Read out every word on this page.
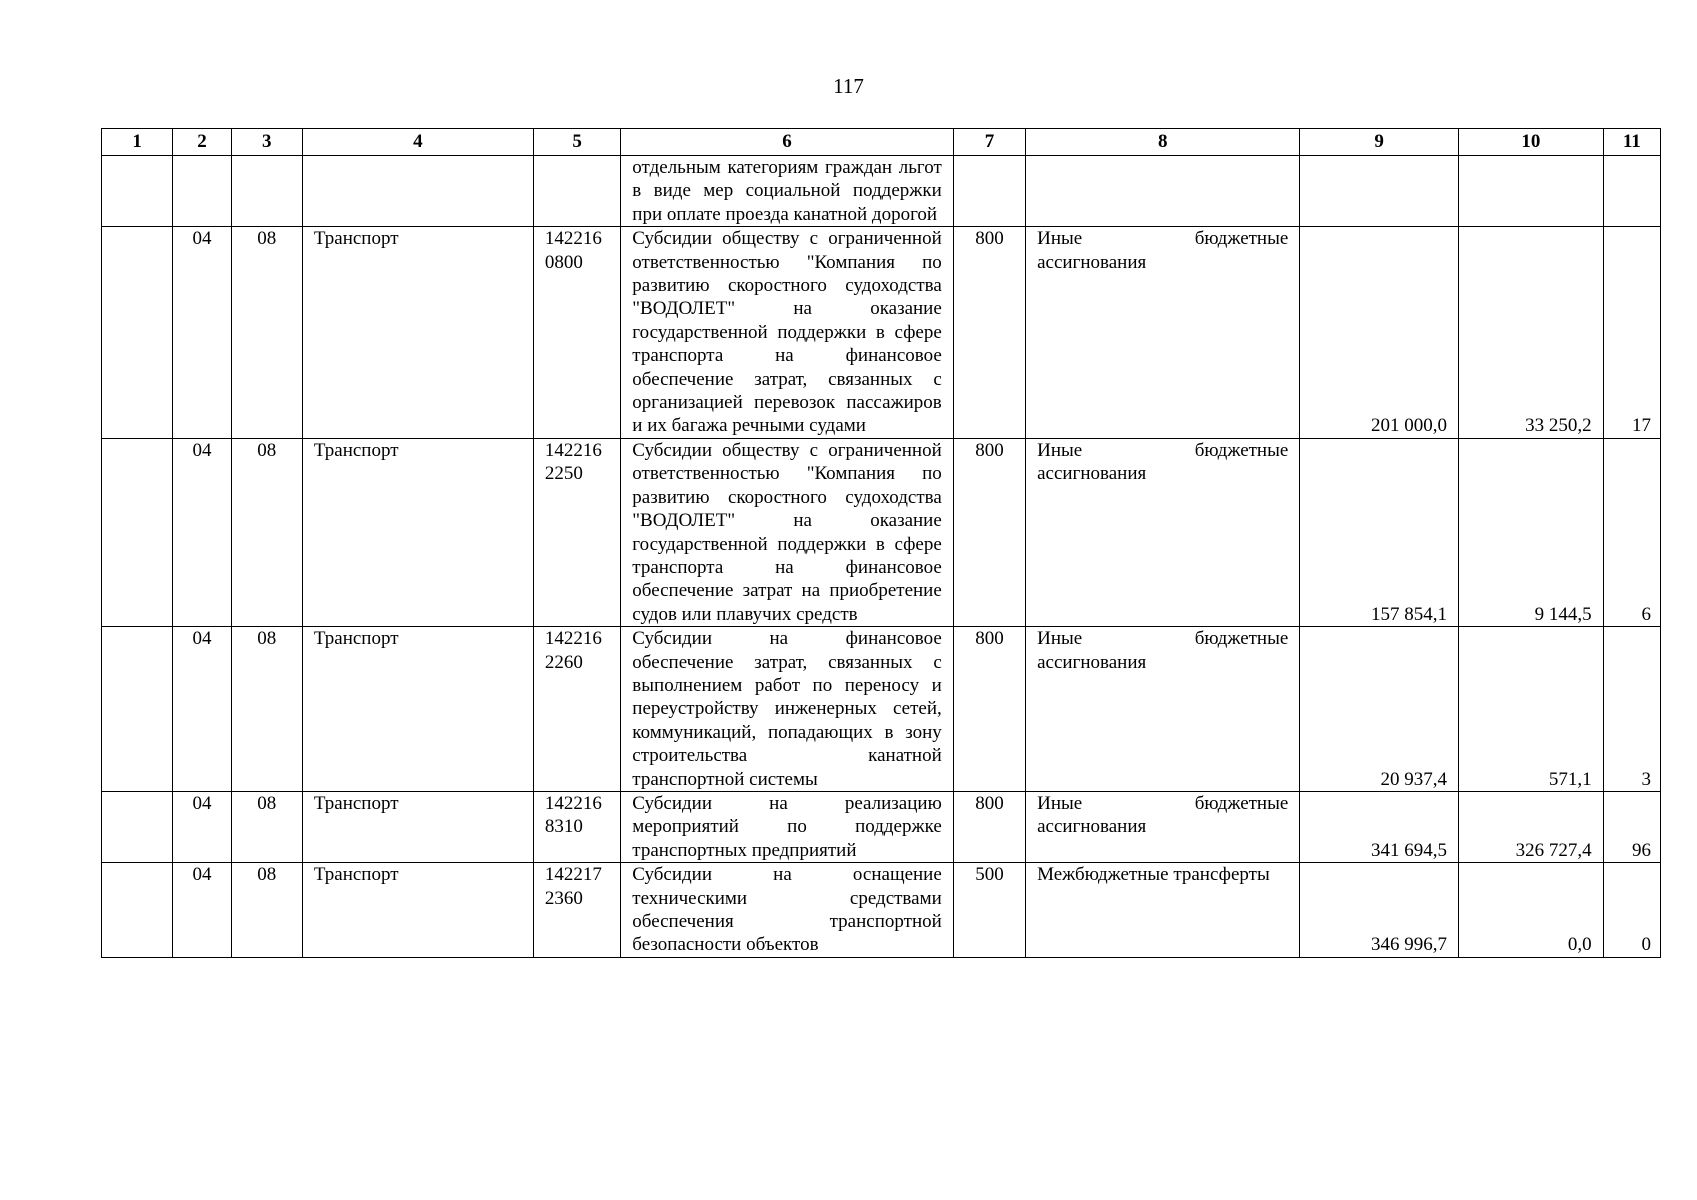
117
1	2	3	4	5	6	7	8	9	10	11
					отдельным категориям граждан льгот в виде мер социальной поддержки при оплате проезда канатной дорогой					
	04	08	Транспорт	142216 0800	Субсидии обществу с ограниченной ответственностью "Компания по развитию скоростного судоходства "ВОДОЛЕТ" на оказание государственной поддержки в сфере транспорта на финансовое обеспечение затрат, связанных с организацией перевозок пассажиров и их багажа речными судами	800	Иные бюджетные ассигнования	201 000,0	33 250,2	17
	04	08	Транспорт	142216 2250	Субсидии обществу с ограниченной ответственностью "Компания по развитию скоростного судоходства "ВОДОЛЕТ" на оказание государственной поддержки в сфере транспорта на финансовое обеспечение затрат на приобретение судов или плавучих средств	800	Иные бюджетные ассигнования	157 854,1	9 144,5	6
	04	08	Транспорт	142216 2260	Субсидии на финансовое обеспечение затрат, связанных с выполнением работ по переносу и переустройству инженерных сетей, коммуникаций, попадающих в зону строительства канатной транспортной системы	800	Иные бюджетные ассигнования	20 937,4	571,1	3
	04	08	Транспорт	142216 8310	Субсидии на реализацию мероприятий по поддержке транспортных предприятий	800	Иные бюджетные ассигнования	341 694,5	326 727,4	96
	04	08	Транспорт	142217 2360	Субсидии на оснащение техническими средствами обеспечения транспортной безопасности объектов	500	Межбюджетные трансферты	346 996,7	0,0	0
